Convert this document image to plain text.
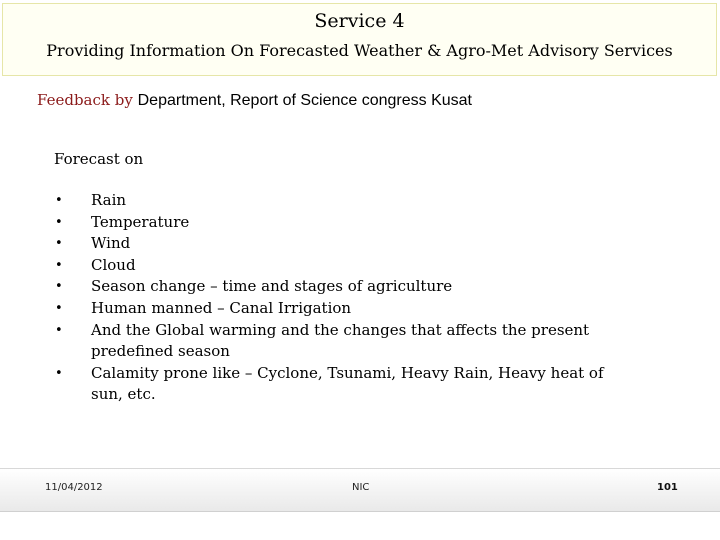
Service 4
Providing Information On Forecasted Weather & Agro-Met Advisory Services
Feedback by Department, Report of Science congress Kusat
Forecast on
• Rain
• Temperature
• Wind
• Cloud
• Season change – time and stages of agriculture
• Human manned – Canal Irrigation
• And the Global warming and the changes that affects the present predefined season
• Calamity prone like – Cyclone, Tsunami, Heavy Rain, Heavy heat of sun, etc.
11/04/2012	NIC	101
